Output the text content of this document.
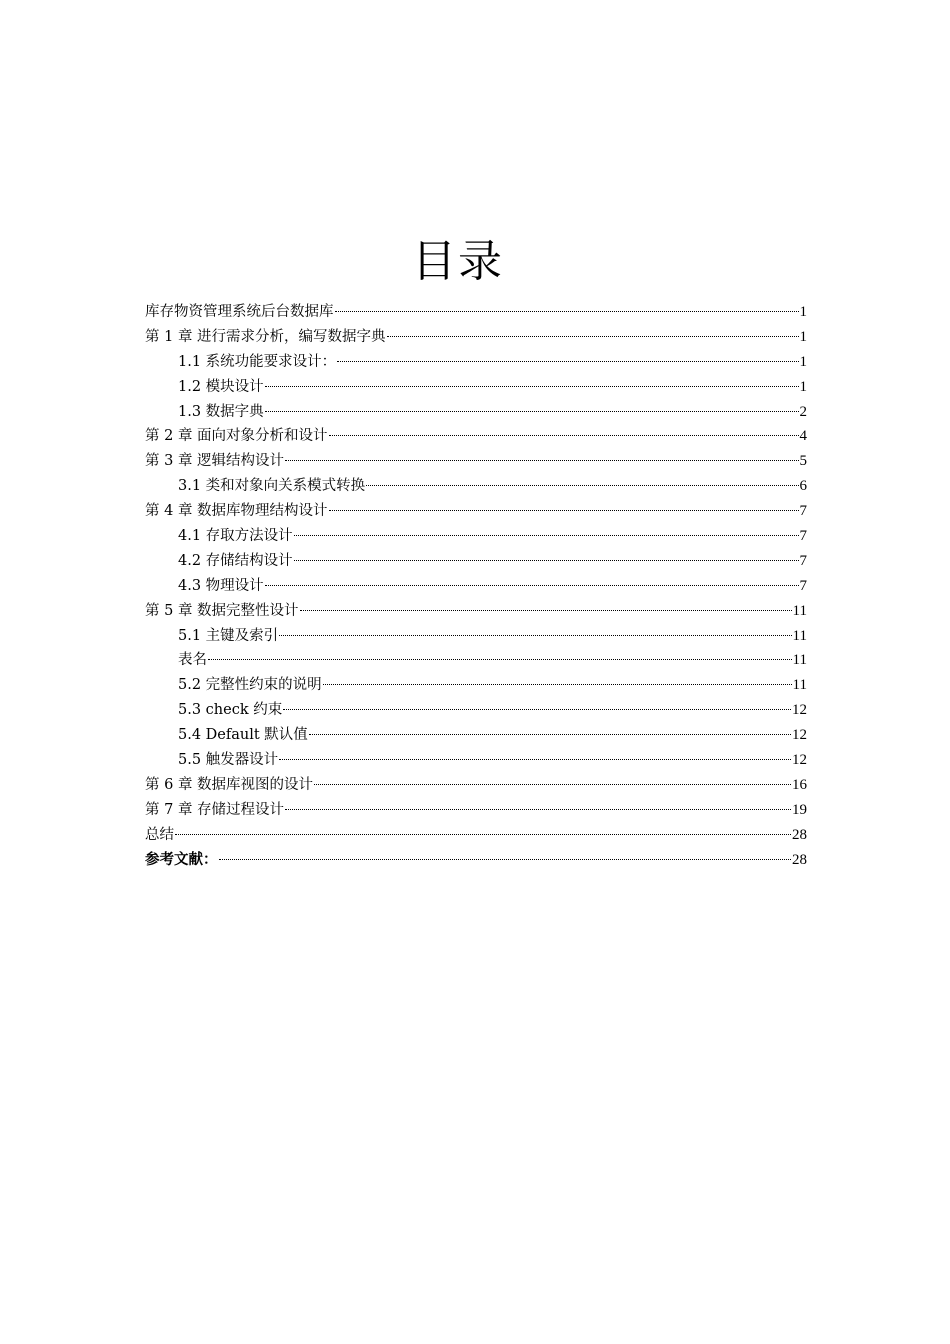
目录
库存物资管理系统后台数据库	1
第 1 章 进行需求分析，编写数据字典	1
1.1 系统功能要求设计：	1
1.2 模块设计	1
1.3 数据字典	2
第 2 章 面向对象分析和设计	4
第 3 章 逻辑结构设计	5
3.1 类和对象向关系模式转换	6
第 4 章 数据库物理结构设计	7
4.1 存取方法设计	7
4.2 存储结构设计	7
4.3 物理设计	7
第 5 章 数据完整性设计	11
5.1 主键及索引	11
表名	11
5.2 完整性约束的说明	11
5.3 check 约束	12
5.4 Default 默认值	12
5.5 触发器设计	12
第 6 章 数据库视图的设计	16
第 7 章 存储过程设计	19
总结	28
参考文献：	28
